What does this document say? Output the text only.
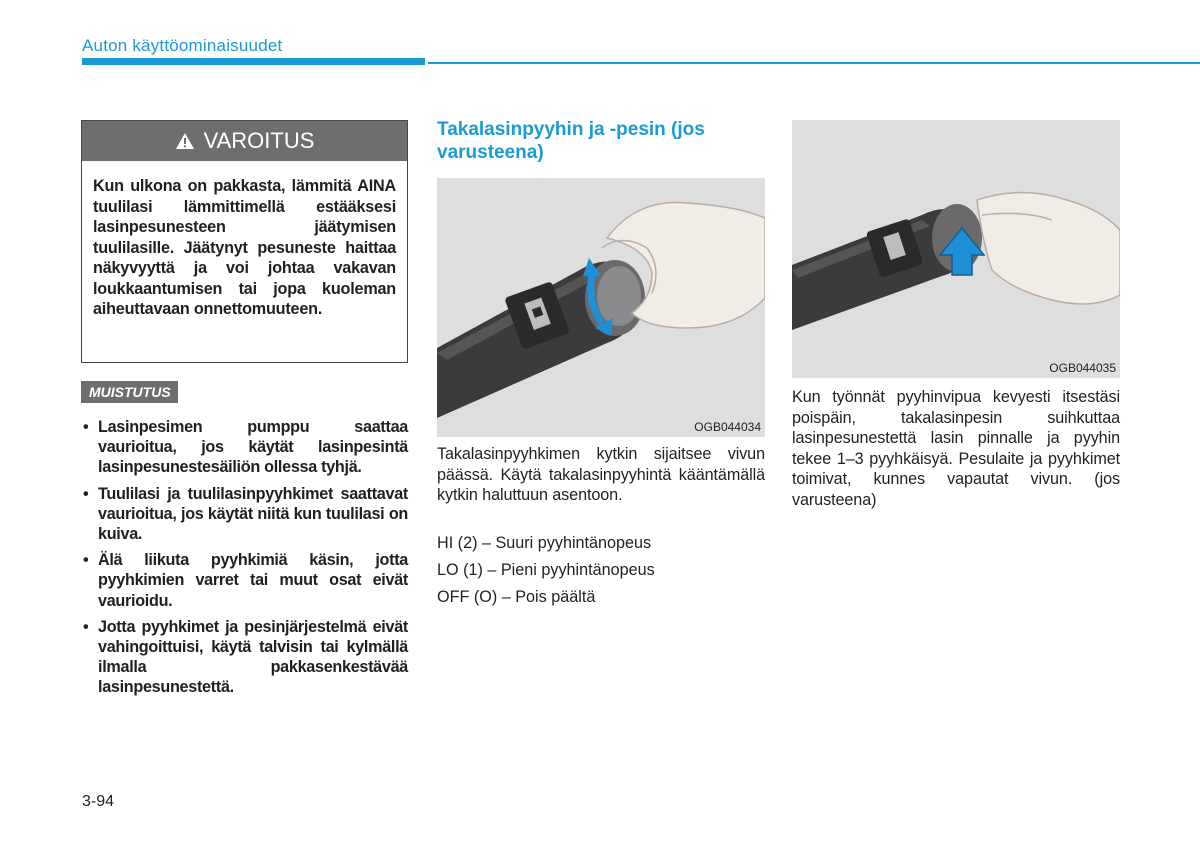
Auton käyttöominaisuudet
VAROITUS
Kun ulkona on pakkasta, lämmitä AINA tuulilasi lämmittimellä estääksesi lasinpesunesteen jäätymisen tuulilasille. Jäätynyt pesuneste haittaa näkyvyyttä ja voi johtaa vakavan loukkaantumisen tai jopa kuoleman aiheuttavaan onnettomuuteen.
MUISTUTUS
• Lasinpesimen pumppu saattaa vaurioitua, jos käytät lasinpesintä lasinpesunestesäiliön ollessa tyhjä.
• Tuulilasi ja tuulilasinpyyhkimet saattavat vaurioitua, jos käytät niitä kun tuulilasi on kuiva.
• Älä liikuta pyyhkimiä käsin, jotta pyyhkimien varret tai muut osat eivät vaurioidu.
• Jotta pyyhkimet ja pesinjärjestelmä eivät vahingoittuisi, käytä talvisin tai kylmällä ilmalla pakkasenkestävää lasinpesunestettä.
Takalasinpyyhin ja -pesin (jos varusteena)
OGB044034
Takalasinpyyhkimen kytkin sijaitsee vivun päässä. Käytä takalasinpyyhintä kääntämällä kytkin haluttuun asentoon.
HI (2) – Suuri pyyhintänopeus
LO (1) – Pieni pyyhintänopeus
OFF (O) – Pois päältä
OGB044035
Kun työnnät pyyhinvipua kevyesti itsestäsi poispäin, takalasinpesin suihkuttaa lasinpesunestettä lasin pinnalle ja pyyhin tekee 1–3 pyyhkäisyä. Pesulaite ja pyyhkimet toimivat, kunnes vapautat vivun. (jos varusteena)
3-94
